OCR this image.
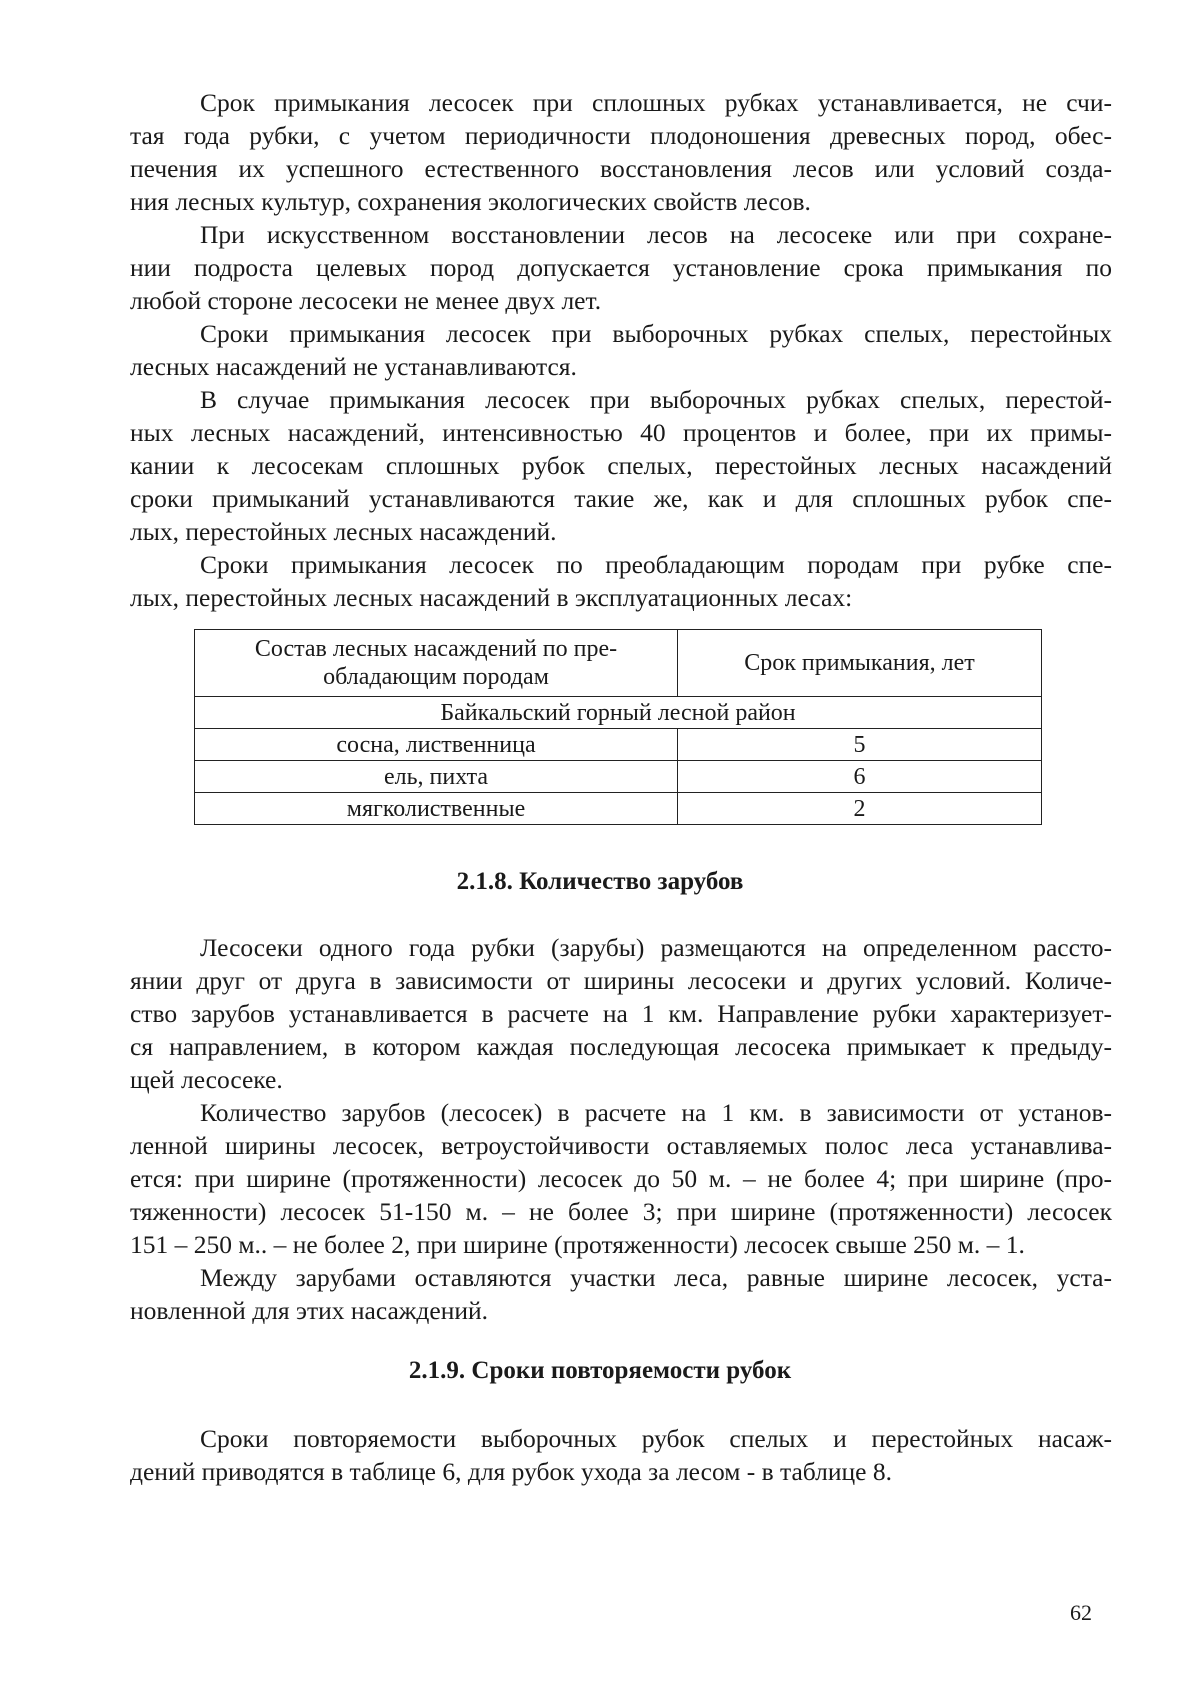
Срок примыкания лесосек при сплошных рубках устанавливается, не счи-
тая года рубки, с учетом периодичности плодоношения древесных пород, обес-
печения их успешного естественного восстановления лесов или условий созда-
ния лесных культур, сохранения экологических свойств лесов.

При искусственном восстановлении лесов на лесосеке или при сохране-
нии подроста целевых пород допускается установление срока примыкания по
любой стороне лесосеки не менее двух лет.

Сроки примыкания лесосек при выборочных рубках спелых, перестойных
лесных насаждений не устанавливаются.

В случае примыкания лесосек при выборочных рубках спелых, перестой-
ных лесных насаждений, интенсивностью 40 процентов и более, при их примы-
кании к лесосекам сплошных рубок спелых, перестойных лесных насаждений
сроки примыканий устанавливаются такие же, как и для сплошных рубок спе-
лых, перестойных лесных насаждений.

Сроки примыкания лесосек по преобладающим породам при рубке спе-
лых, перестойных лесных насаждений в эксплуатационных лесах:

Состав лесных насаждений по пре-
обладающим породам	Срок примыкания, лет
Байкальский горный лесной район	
сосна, лиственница	5
ель, пихта	6
мягколиственные	2
2.1.8. Количество зарубов

Лесосеки одного года рубки (зарубы) размещаются на определенном рассто-
янии друг от друга в зависимости от ширины лесосеки и других условий. Количе-
ство зарубов устанавливается в расчете на 1 км. Направление рубки характеризует-
ся направлением, в котором каждая последующая лесосека примыкает к предыду-
щей лесосеке.

Количество зарубов (лесосек) в расчете на 1 км. в зависимости от установ-
ленной ширины лесосек, ветроустойчивости оставляемых полос леса устанавлива-
ется: при ширине (протяженности) лесосек до 50 м. – не более 4; при ширине (про-
тяженности) лесосек 51-150 м. – не более 3; при ширине (протяженности) лесосек
151 – 250 м.. – не более 2, при ширине (протяженности) лесосек свыше 250 м. – 1.

Между зарубами оставляются участки леса, равные ширине лесосек, уста-
новленной для этих насаждений.

2.1.9. Сроки повторяемости рубок

Сроки повторяемости выборочных рубок спелых и перестойных насаж-
дений приводятся в таблице 6, для рубок ухода за лесом - в таблице 8.

62
